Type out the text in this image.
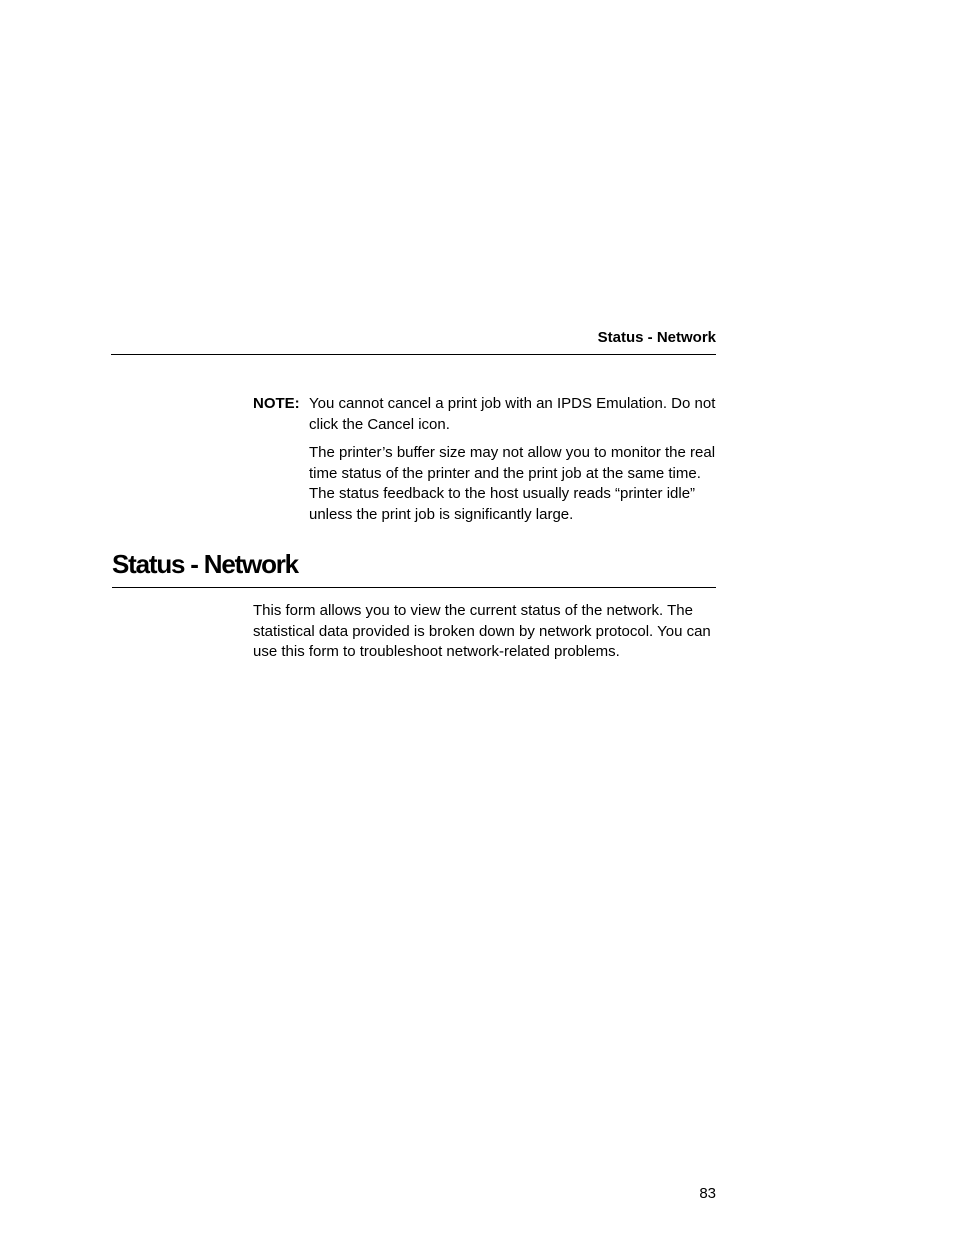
Status - Network
NOTE: You cannot cancel a print job with an IPDS Emulation. Do not click the Cancel icon.

The printer’s buffer size may not allow you to monitor the real time status of the printer and the print job at the same time. The status feedback to the host usually reads “printer idle” unless the print job is significantly large.

Status - Network

This form allows you to view the current status of the network. The statistical data provided is broken down by network protocol. You can use this form to troubleshoot network-related problems.

83
